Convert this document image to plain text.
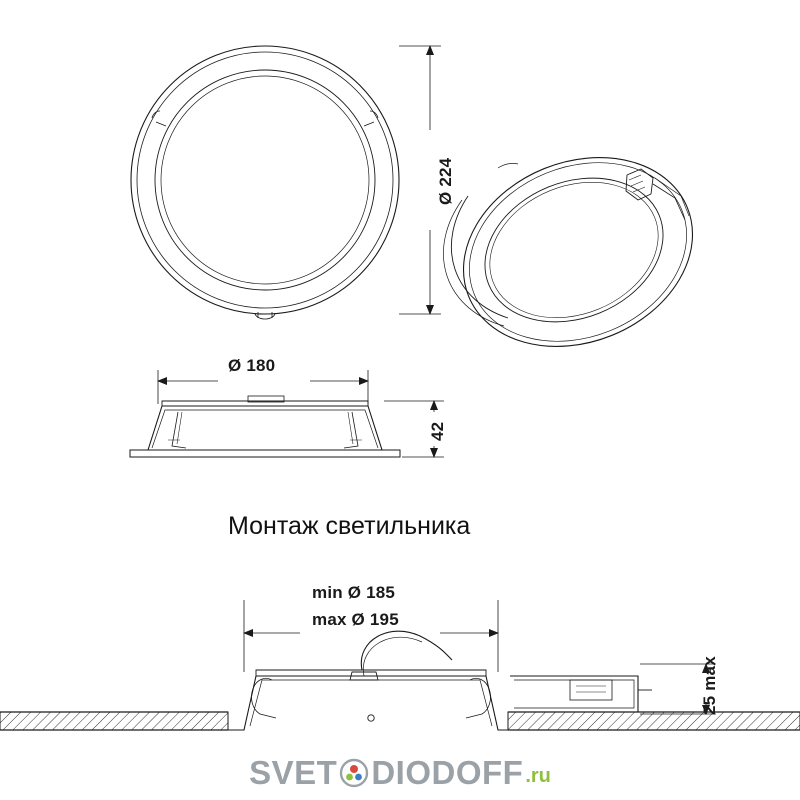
Ø 224
Ø 180
42
Монтаж светильника
min Ø 185
max Ø 195
25 max
SVET DIODOFF .ru
